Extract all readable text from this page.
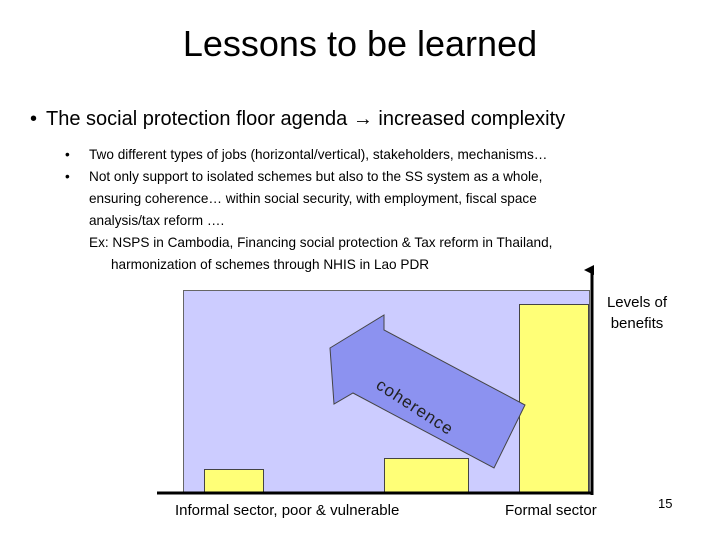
Lessons to be learned
• The social protection floor agenda → increased complexity
• Two different types of jobs (horizontal/vertical), stakeholders, mechanisms…
• Not only support to isolated schemes but also to the SS system as a whole,
ensuring coherence… within social security, with employment, fiscal space
analysis/tax reform ….
Ex: NSPS in Cambodia, Financing social protection & Tax reform in Thailand,
harmonization of schemes through NHIS in Lao PDR
coherence
Levels of benefits
Informal sector, poor & vulnerable	Formal sector	15
